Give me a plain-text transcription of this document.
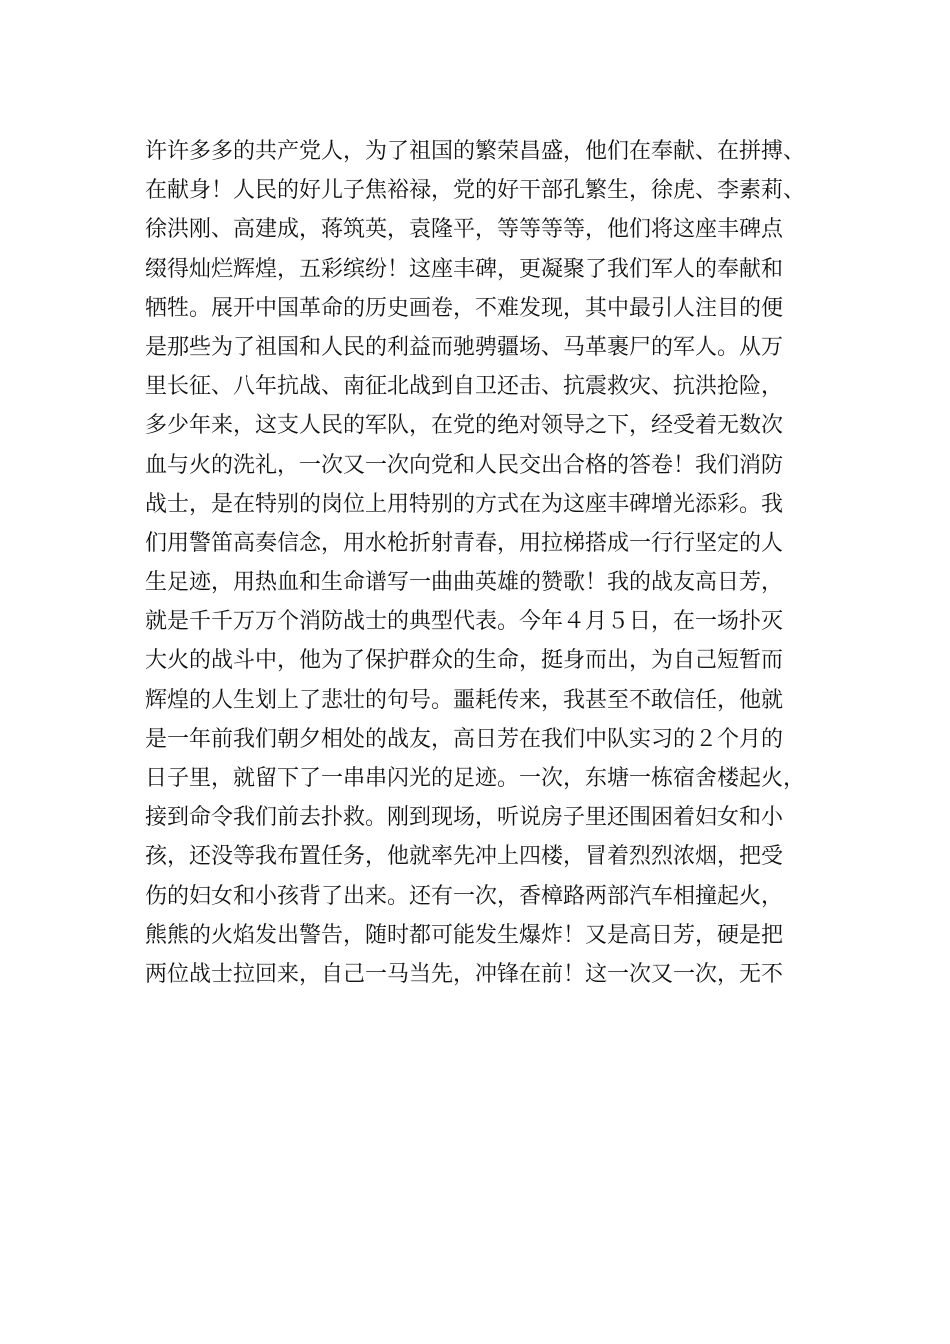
许许多多的共产党人，为了祖国的繁荣昌盛，他们在奉献、在拼搏、
在献身！人民的好儿子焦裕禄，党的好干部孔繁生，徐虎、李素莉、
徐洪刚、高建成，蒋筑英，袁隆平，等等等等，他们将这座丰碑点
缀得灿烂辉煌，五彩缤纷！这座丰碑，更凝聚了我们军人的奉献和
牺牲。展开中国革命的历史画卷，不难发现，其中最引人注目的便
是那些为了祖国和人民的利益而驰骋疆场、马革裹尸的军人。从万
里长征、八年抗战、南征北战到自卫还击、抗震救灾、抗洪抢险，
多少年来，这支人民的军队，在党的绝对领导之下，经受着无数次
血与火的洗礼，一次又一次向党和人民交出合格的答卷！我们消防
战士，是在特别的岗位上用特别的方式在为这座丰碑增光添彩。我
们用警笛高奏信念，用水枪折射青春，用拉梯搭成一行行坚定的人
生足迹，用热血和生命谱写一曲曲英雄的赞歌！我的战友高日芳，
就是千千万万个消防战士的典型代表。今年４月５日，在一场扑灭
大火的战斗中，他为了保护群众的生命，挺身而出，为自己短暂而
辉煌的人生划上了悲壮的句号。噩耗传来，我甚至不敢信任，他就
是一年前我们朝夕相处的战友，高日芳在我们中队实习的２个月的
日子里，就留下了一串串闪光的足迹。一次，东塘一栋宿舍楼起火，
接到命令我们前去扑救。刚到现场，听说房子里还围困着妇女和小
孩，还没等我布置任务，他就率先冲上四楼，冒着烈烈浓烟，把受
伤的妇女和小孩背了出来。还有一次，香樟路两部汽车相撞起火，
熊熊的火焰发出警告，随时都可能发生爆炸！又是高日芳，硬是把
两位战士拉回来，自己一马当先，冲锋在前！这一次又一次，无不
